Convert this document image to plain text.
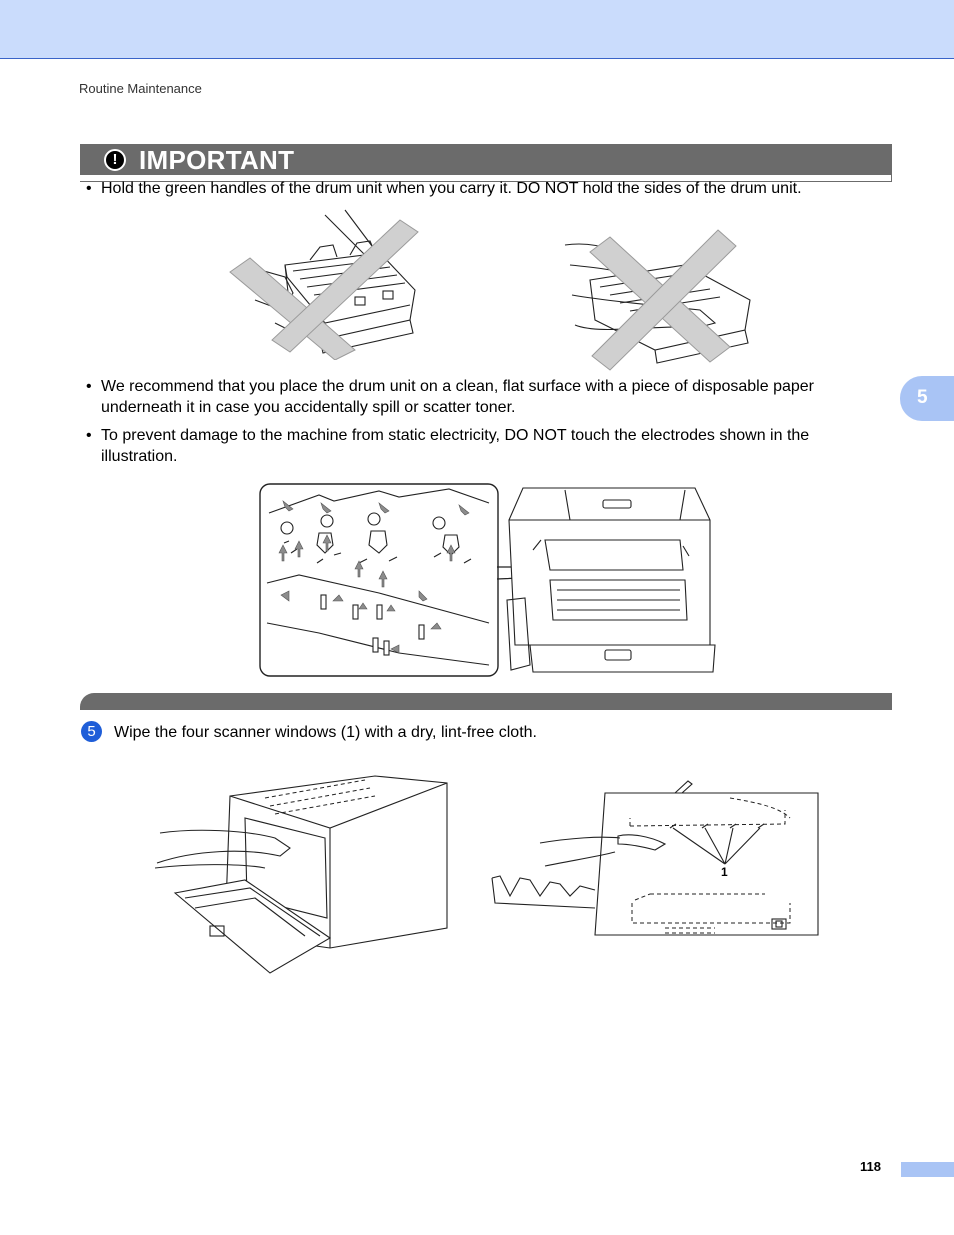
Routine Maintenance
! IMPORTANT
• Hold the green handles of the drum unit when you carry it. DO NOT hold the sides of the drum unit.
• We recommend that you place the drum unit on a clean, flat surface with a piece of disposable paper underneath it in case you accidentally spill or scatter toner.
• To prevent damage to the machine from static electricity, DO NOT touch the electrodes shown in the illustration.
5	Wipe the four scanner windows (1) with a dry, lint-free cloth.
1
5
118
